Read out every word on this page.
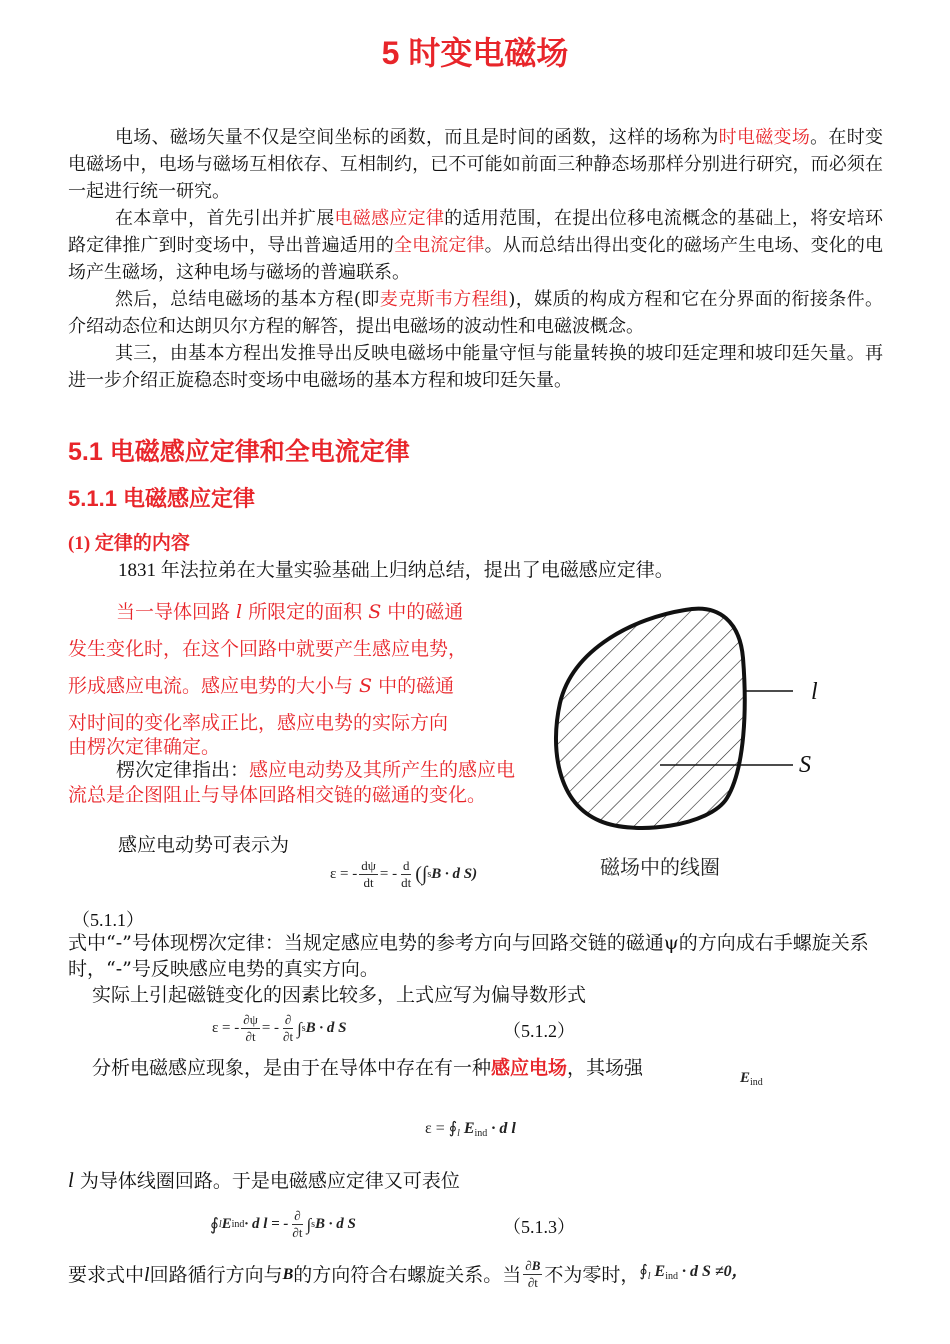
5 时变电磁场

电场、磁场矢量不仅是空间坐标的函数，而且是时间的函数，这样的场称为时电磁变场。在时变电磁场中，电场与磁场互相依存、互相制约，已不可能如前面三种静态场那样分别进行研究，而必须在一起进行统一研究。

在本章中，首先引出并扩展电磁感应定律的适用范围，在提出位移电流概念的基础上，将安培环路定律推广到时变场中，导出普遍适用的全电流定律。从而总结出得出变化的磁场产生电场、变化的电场产生磁场，这种电场与磁场的普遍联系。

然后，总结电磁场的基本方程(即麦克斯韦方程组)，媒质的构成方程和它在分界面的衔接条件。介绍动态位和达朗贝尔方程的解答，提出电磁场的波动性和电磁波概念。

其三，由基本方程出发推导出反映电磁场中能量守恒与能量转换的坡印廷定理和坡印廷矢量。再进一步介绍正旋稳态时变场中电磁场的基本方程和坡印廷矢量。

5.1 电磁感应定律和全电流定律
5.1.1 电磁感应定律
(1) 定律的内容
1831 年法拉弟在大量实验基础上归纳总结，提出了电磁感应定律。
当一导体回路 l 所限定的面积 S 中的磁通
发生变化时，在这个回路中就要产生感应电势，
形成感应电流。感应电势的大小与 S 中的磁通
对时间的变化率成正比，感应电势的实际方向
由楞次定律确定。
楞次定律指出：感应电动势及其所产生的感应电流总是企图阻止与导体回路相交链的磁通的变化。
感应电动势可表示为
l
S
磁场中的线圈
ε = - $\frac{d\psi}{dt}$ = - $\frac{d}{dt}$ (∫ s B · d S)
（5.1.1）
式中“-”号体现楞次定律：当规定感应电势的参考方向与回路交链的磁通ψ的方向成右手螺旋关系时，“-”号反映感应电势的真实方向。
实际上引起磁链变化的因素比较多，上式应写为偏导数形式
ε = - $\frac{\partial\psi}{\partial t}$ = - $\frac{\partial}{\partial t}$ ∫ s B · d S	（5.1.2）
分析电磁感应现象，是由于在导体中存在有一种感应电场，其场强	$E_{ind}$
$\varepsilon = ∮_l$ $E_{ind} \cdot d$ l
l 为导体线圈回路。于是电磁感应定律又可表位
∮ l E ind · d l = - $\frac{\partial}{\partial t}$ ∫ s B · d S	（5.1.3）
要求式中 l 回路循行方向与 B 的方向符合右螺旋关系。当 $\frac{\partial B}{\partial t}$ 不为零时， $∮_l$ $E_{ind} \cdot d$ S ≠0，
